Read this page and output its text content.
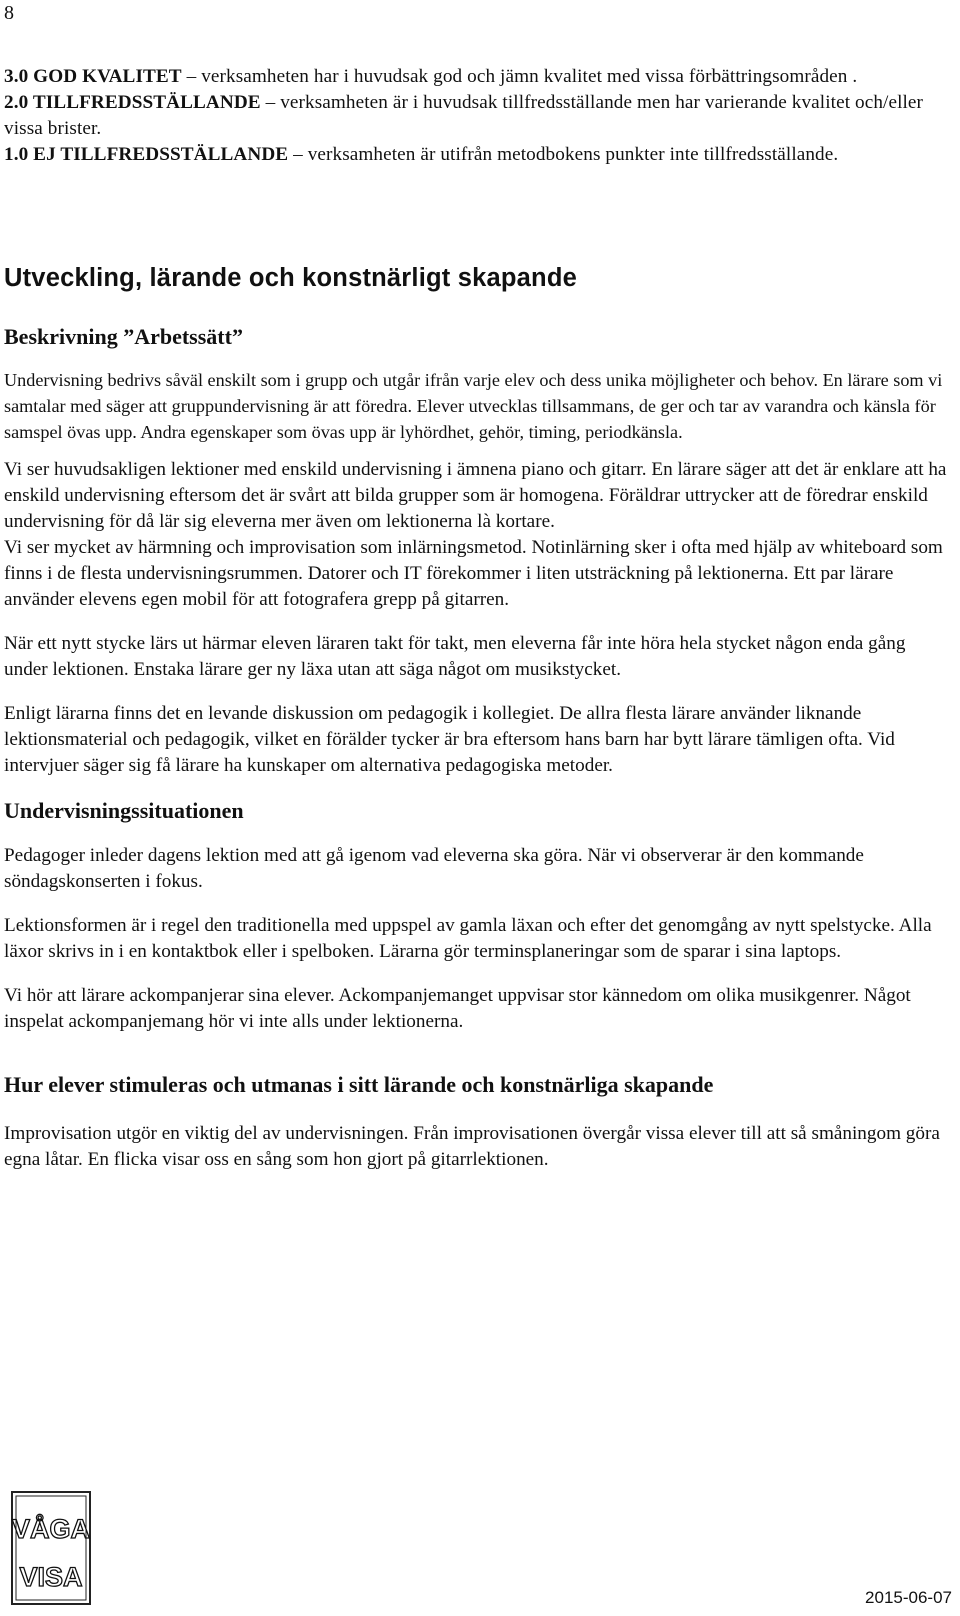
8

3.0 GOD KVALITET – verksamheten har i huvudsak god och jämn kvalitet med vissa förbättringsområden .

2.0 TILLFREDSSTÄLLANDE – verksamheten är i huvudsak tillfredsställande men har varierande kvalitet och/eller vissa brister.

1.0 EJ TILLFREDSSTÄLLANDE – verksamheten är utifrån metodbokens punkter inte tillfredsställande.

Utveckling, lärande och konstnärligt skapande
Beskrivning ”Arbetssätt”

Undervisning bedrivs såväl enskilt som i grupp och utgår ifrån varje elev och dess unika möjligheter och behov. En lärare som vi samtalar med säger att gruppundervisning är att föredra. Elever utvecklas tillsammans, de ger och tar av varandra och känsla för samspel övas upp. Andra egenskaper som övas upp är lyhördhet, gehör, timing, periodkänsla.

Vi ser huvudsakligen lektioner med enskild undervisning i ämnena piano och gitarr. En lärare säger att det är enklare att ha enskild undervisning eftersom det är svårt att bilda grupper som är homogena. Föräldrar uttrycker att de föredrar enskild undervisning för då lär sig eleverna mer även om lektionerna là kortare.

Vi ser mycket av härmning och improvisation som inlärningsmetod. Notinlärning sker i ofta med hjälp av whiteboard som finns i de flesta undervisningsrummen. Datorer och IT förekommer i liten utsträckning på lektionerna. Ett par lärare använder elevens egen mobil för att fotografera grepp på gitarren.

När ett nytt stycke lärs ut härmar eleven läraren takt för takt, men eleverna får inte höra hela stycket någon enda gång under lektionen. Enstaka lärare ger ny läxa utan att säga något om musikstycket.

Enligt lärarna finns det en levande diskussion om pedagogik i kollegiet. De allra flesta lärare använder liknande lektionsmaterial och pedagogik, vilket en förälder tycker är bra eftersom hans barn har bytt lärare tämligen ofta. Vid intervjuer säger sig få lärare ha kunskaper om alternativa pedagogiska metoder.

Undervisningssituationen

Pedagoger inleder dagens lektion med att gå igenom vad eleverna ska göra. När vi observerar är den kommande söndagskonserten i fokus.

Lektionsformen är i regel den traditionella med uppspel av gamla läxan och efter det genomgång av nytt spelstycke. Alla läxor skrivs in i en kontaktbok eller i spelboken. Lärarna gör terminsplaneringar som de sparar i sina laptops.

Vi hör att lärare ackompanjerar sina elever. Ackompanjemanget uppvisar stor kännedom om olika musikgenrer. Något inspelat ackompanjemang hör vi inte alls under lektionerna.

Hur elever stimuleras och utmanas i sitt lärande och konstnärliga skapande

Improvisation utgör en viktig del av undervisningen. Från improvisationen övergår vissa elever till att så småningom göra egna låtar. En flicka visar oss en sång som hon gjort på gitarrlektionen.

VÅGA
VISA
2015-06-07
